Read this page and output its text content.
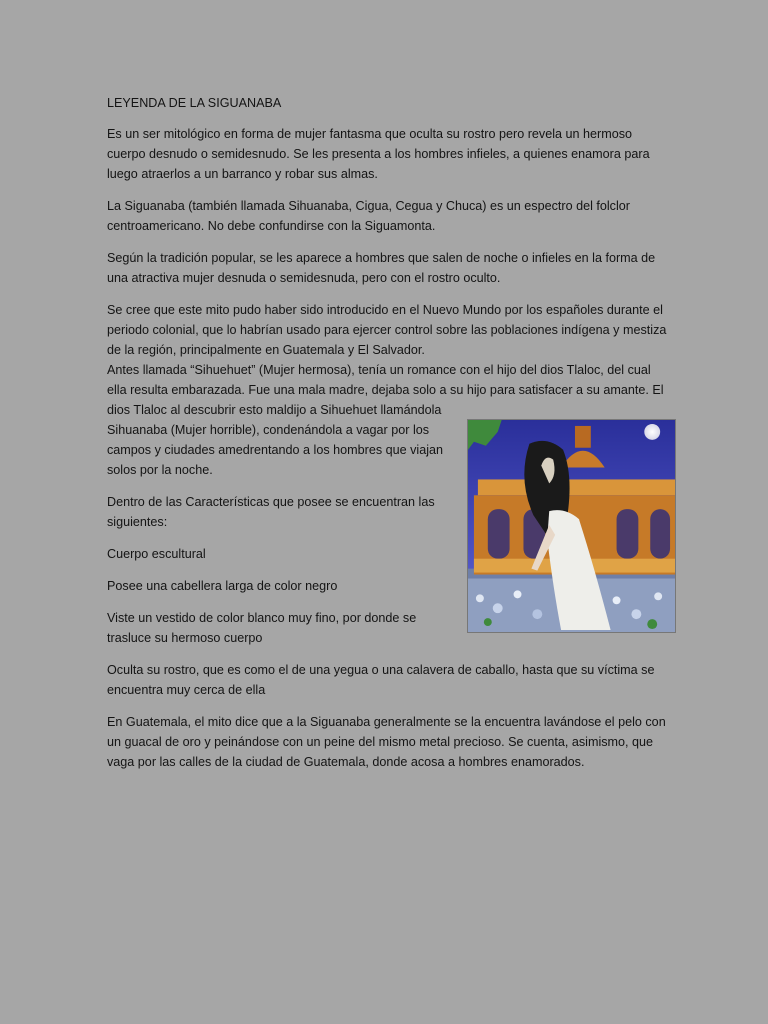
LEYENDA DE LA SIGUANABA

Es un ser mitológico en forma de mujer fantasma que oculta su rostro pero revela un hermoso cuerpo desnudo o semidesnudo. Se les presenta a los hombres infieles, a quienes enamora para luego atraerlos a un barranco y robar sus almas.

La Siguanaba (también llamada Sihuanaba, Cigua, Cegua y Chuca) es un espectro del folclor centroamericano. No debe confundirse con la Siguamonta.

Según la tradición popular, se les aparece a hombres que salen de noche o infieles en la forma de una atractiva mujer desnuda o semidesnuda, pero con el rostro oculto.

Se cree que este mito pudo haber sido introducido en el Nuevo Mundo por los españoles durante el periodo colonial, que lo habrían usado para ejercer control sobre las poblaciones indígena y mestiza de la región, principalmente en Guatemala y El Salvador.

Antes llamada “Sihuehuet” (Mujer hermosa), tenía un romance con el hijo del dios Tlaloc, del cual ella resulta embarazada. Fue una mala madre, dejaba solo a su hijo para satisfacer a su amante. El dios Tlaloc al descubrir esto maldijo a Sihuehuet llamándola

Sihuanaba (Mujer horrible), condenándola a vagar por los campos y ciudades amedrentando a los hombres que viajan solos por la noche.

Dentro de las Características que posee se encuentran las siguientes:

Cuerpo escultural

Posee una cabellera larga de color negro

Viste un vestido de color blanco muy fino, por donde se trasluce su hermoso cuerpo

Oculta su rostro, que es como el de una yegua o una calavera de caballo, hasta que su víctima se encuentra muy cerca de ella

En Guatemala, el mito dice que a la Siguanaba generalmente se la encuentra lavándose el pelo con un guacal de oro y peinándose con un peine del mismo metal precioso. Se cuenta, asimismo, que vaga por las calles de la ciudad de Guatemala, donde acosa a hombres enamorados.
